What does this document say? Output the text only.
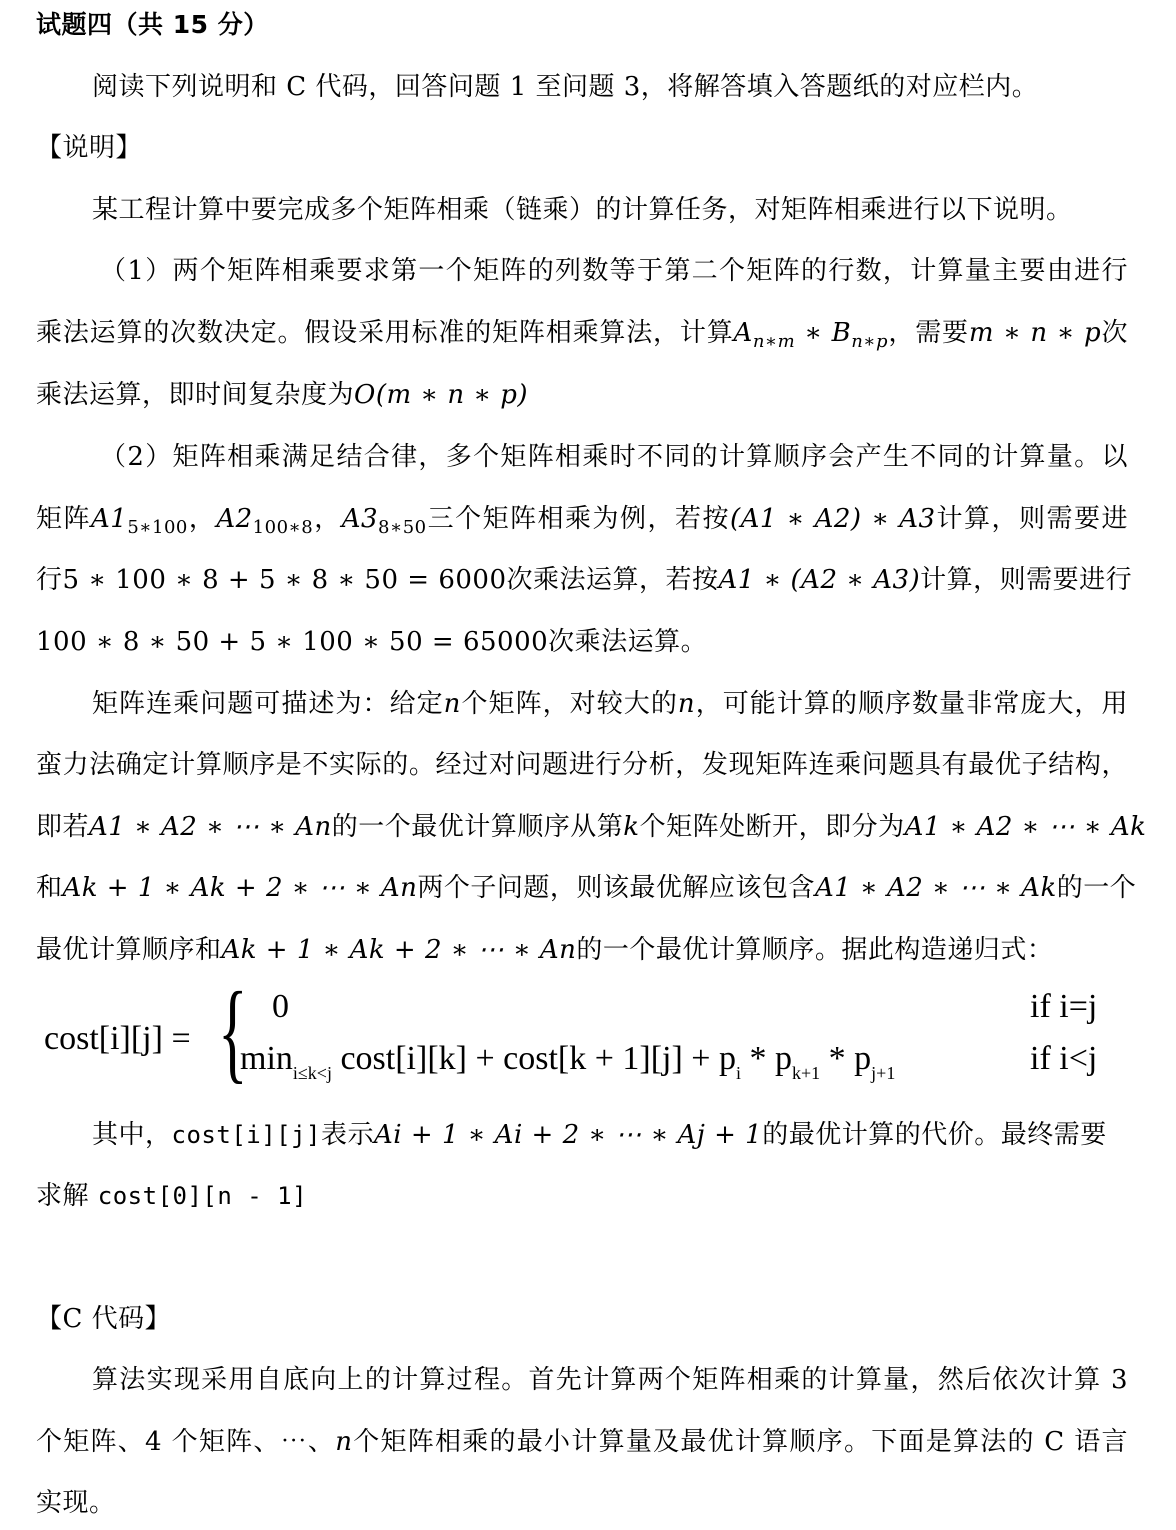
试题四（共 15 分）
阅读下列说明和 C 代码，回答问题 1 至问题 3，将解答填入答题纸的对应栏内。
【说明】
某工程计算中要完成多个矩阵相乘（链乘）的计算任务，对矩阵相乘进行以下说明。
（1）两个矩阵相乘要求第一个矩阵的列数等于第二个矩阵的行数，计算量主要由进行
乘法运算的次数决定。假设采用标准的矩阵相乘算法，计算$A_{n∗m}$ ∗ $B_{n∗p}$，需要m ∗ n ∗ p次
乘法运算，即时间复杂度为O(m ∗ n ∗ p)
（2）矩阵相乘满足结合律，多个矩阵相乘时不同的计算顺序会产生不同的计算量。以
矩阵$A1_{5∗100}$，$A2_{100∗8}$，$A3_{8∗50}$三个矩阵相乘为例，若按(A1 ∗ A2) ∗ A3计算，则需要进
行5 ∗ 100 ∗ 8 + 5 ∗ 8 ∗ 50 = 6000次乘法运算，若按A1 ∗ (A2 ∗ A3)计算，则需要进行
100 ∗ 8 ∗ 50 + 5 ∗ 100 ∗ 50 = 65000次乘法运算。
矩阵连乘问题可描述为：给定n个矩阵，对较大的n，可能计算的顺序数量非常庞大，用
蛮力法确定计算顺序是不实际的。经过对问题进行分析，发现矩阵连乘问题具有最优子结构，
即若A1 ∗ A2 ∗ ⋯ ∗ An的一个最优计算顺序从第k个矩阵处断开，即分为A1 ∗ A2 ∗ ⋯ ∗ Ak
和Ak + 1 ∗ Ak + 2 ∗ ⋯ ∗ An两个子问题，则该最优解应该包含A1 ∗ A2 ∗ ⋯ ∗ Ak的一个
最优计算顺序和Ak + 1 ∗ Ak + 2 ∗ ⋯ ∗ An的一个最优计算顺序。据此构造递归式：
cost[i][j] = { 0	if i=j
$\min_{i\le k<j} \cos t[i][k] + \cos t[k + 1][j] + p_i * p_{k+1} * p_{j+1}$	if i<j
其中，cost[i][j]表示Ai + 1 ∗ Ai + 2 ∗ ⋯ ∗ Aj + 1的最优计算的代价。最终需要
求解 cost[0][n - 1]
【C 代码】
算法实现采用自底向上的计算过程。首先计算两个矩阵相乘的计算量，然后依次计算 3
个矩阵、4 个矩阵、⋯、n个矩阵相乘的最小计算量及最优计算顺序。下面是算法的 C 语言
实现。
